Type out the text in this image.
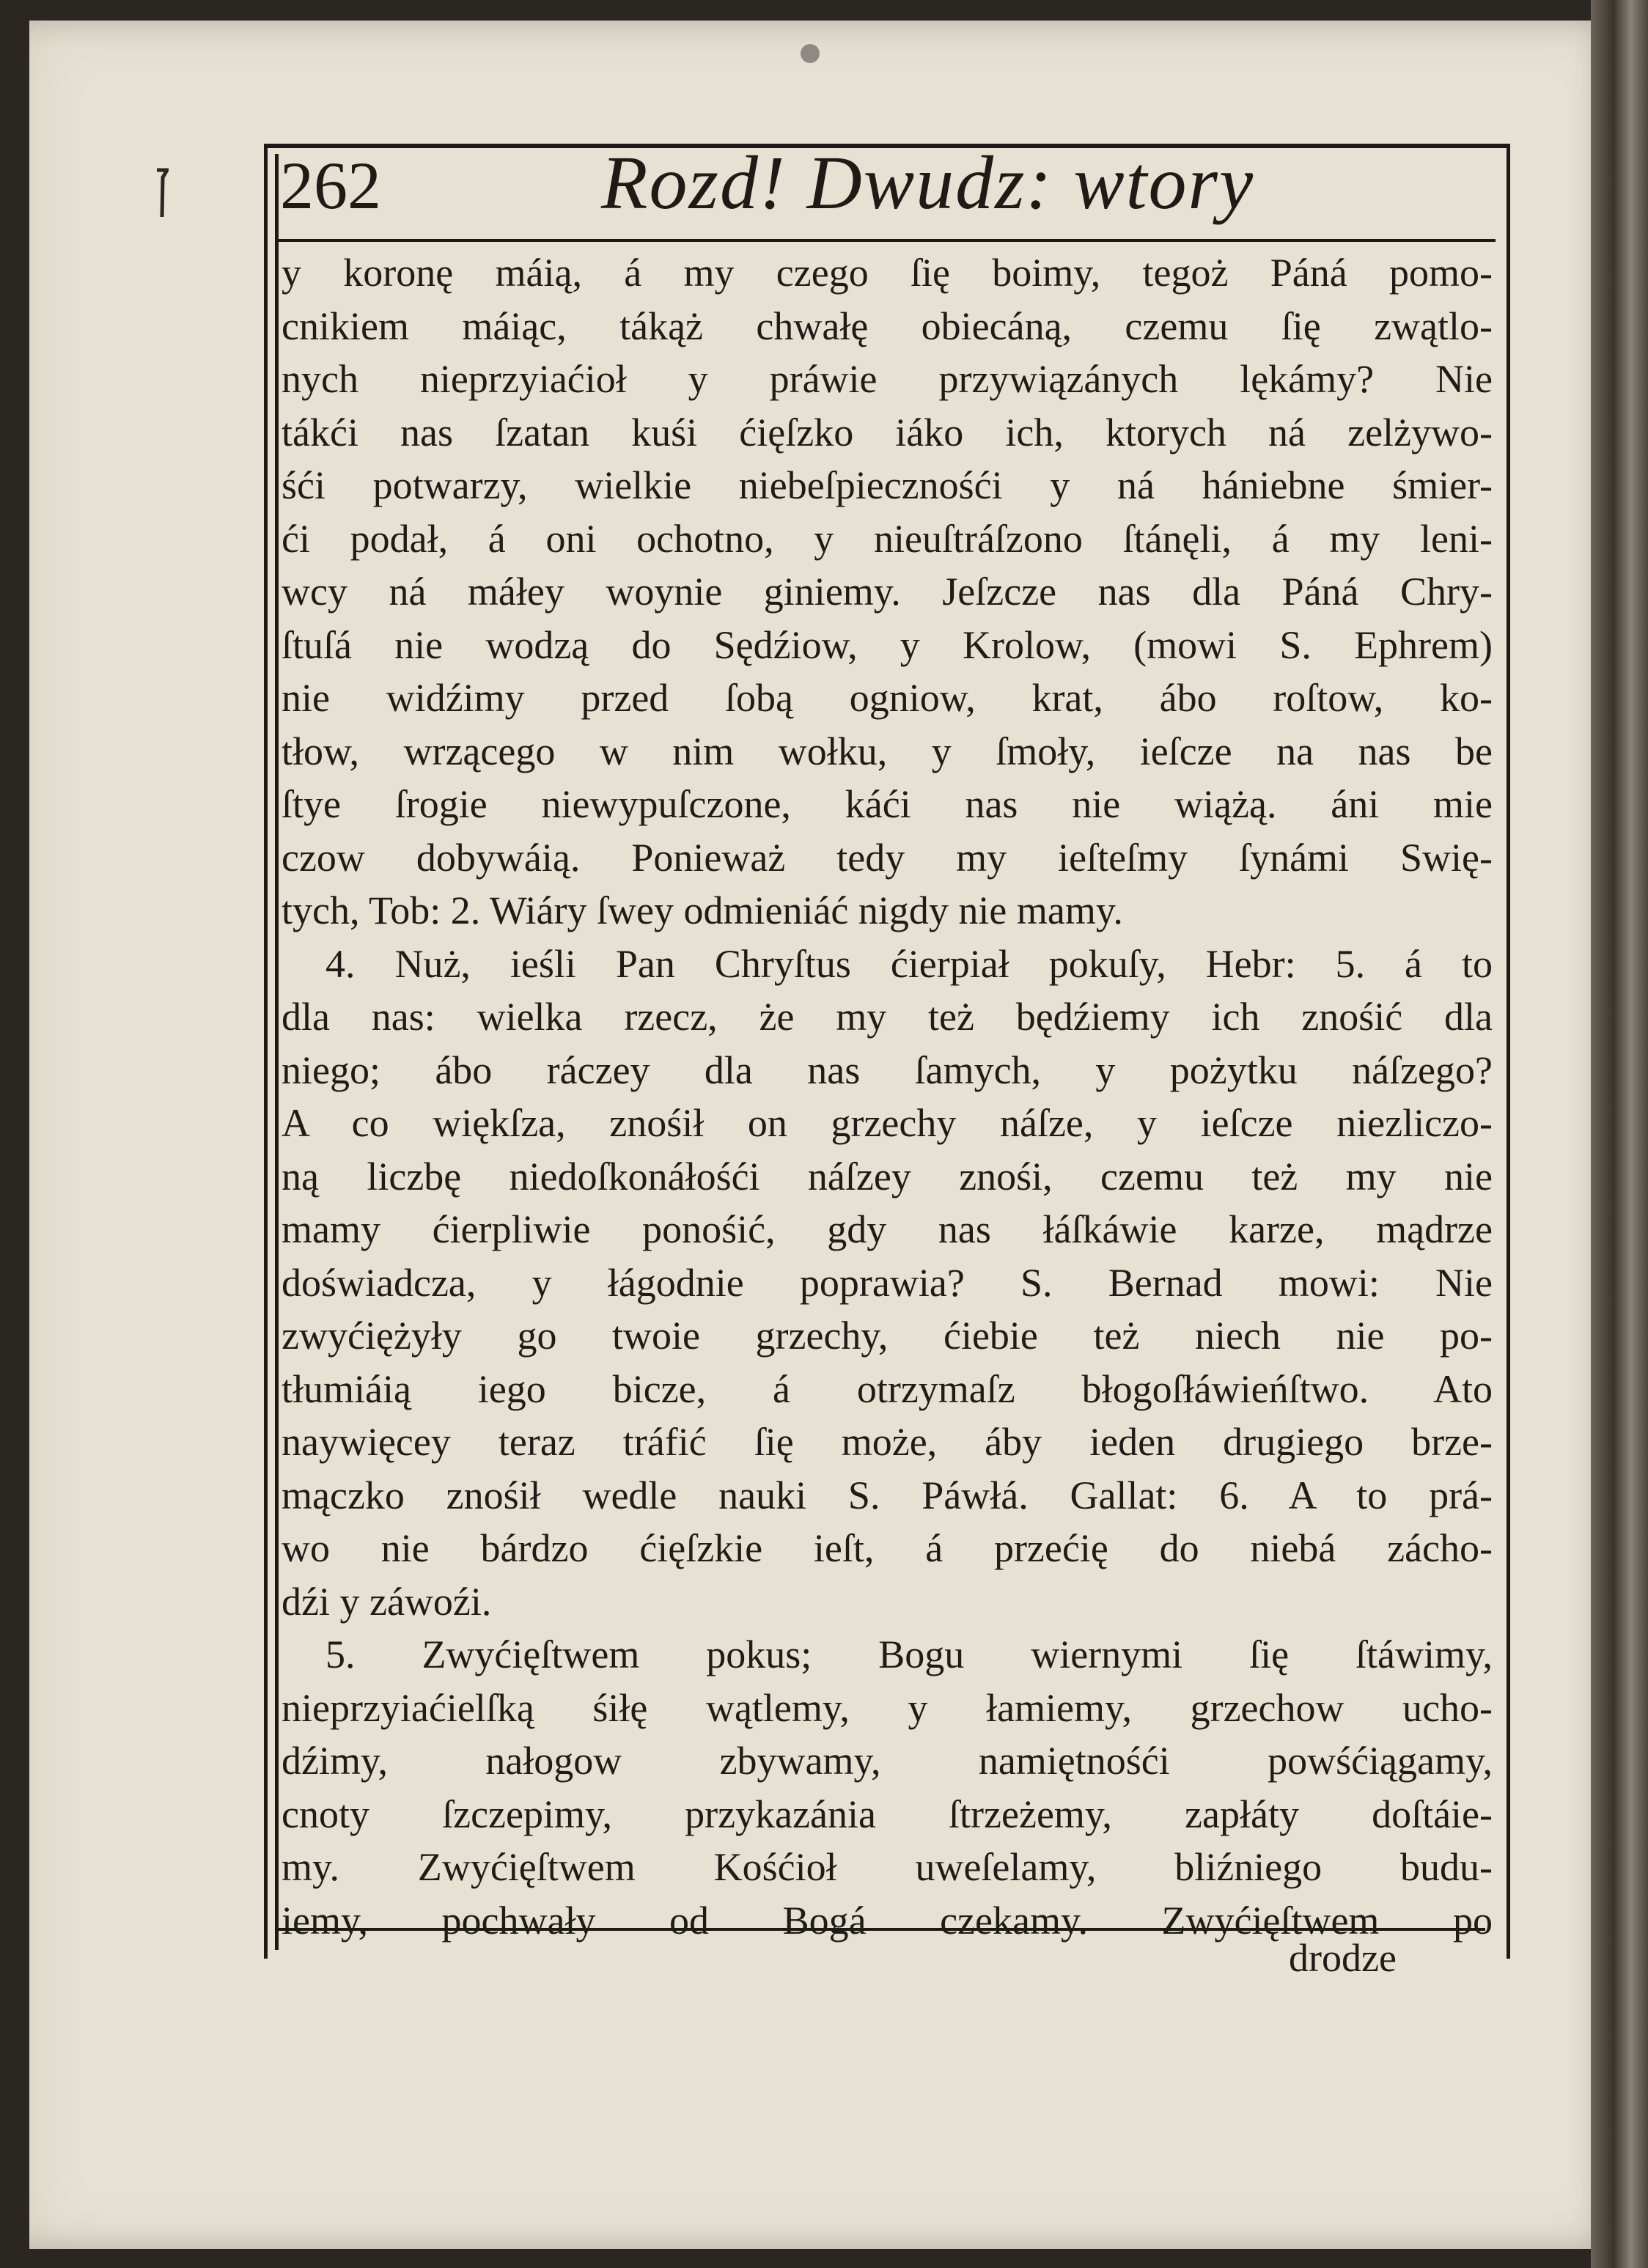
262	Rozd! Dwudz: wtory
y koronę máią, á my czego ſię boimy, tegoż Páná pomo-
cnikiem máiąc, tákąż chwałę obiecáną, czemu ſię zwątlo-
nych nieprzyiaćioł y práwie przywiązánych lękámy? Nie
tákći nas ſzatan kuśi ćięſzko iáko ich, ktorych ná zelżywo-
śći potwarzy, wielkie niebeſpiecznośći y ná hániebne śmier-
ći podał, á oni ochotno, y nieuſtráſzono ſtánęli, á my leni-
wcy ná máłey woynie giniemy. Jeſzcze nas dla Páná Chry-
ſtuſá nie wodzą do Sędźiow, y Krolow, (mowi S. Ephrem)
nie widźimy przed ſobą ogniow, krat, ábo roſtow, ko-
tłow, wrzącego w nim wołku, y ſmoły, ieſcze na nas be
ſtye ſrogie niewypuſczone, káći nas nie wiążą. áni mie
czow dobywáią. Ponieważ tedy my ieſteſmy ſynámi Swię-
tych, Tob: 2. Wiáry ſwey odmieniáć nigdy nie mamy.
4. Nuż, ieśli Pan Chryſtus ćierpiał pokuſy, Hebr: 5. á to
dla nas: wielka rzecz, że my też będźiemy ich znośić dla
niego; ábo ráczey dla nas ſamych, y pożytku náſzego?
A co więkſza, znośił on grzechy náſze, y ieſcze niezliczo-
ną liczbę niedoſkonáłośći náſzey znośi, czemu też my nie
mamy ćierpliwie ponośić, gdy nas łáſkáwie karze, mądrze
doświadcza, y łágodnie poprawia? S. Bernad mowi: Nie
zwyćiężyły go twoie grzechy, ćiebie też niech nie po-
tłumiáią iego bicze, á otrzymaſz błogoſłáwieńſtwo. Ato
naywięcey teraz tráfić ſię może, áby ieden drugiego brze-
mączko znośił wedle nauki S. Páwłá. Gallat: 6. A to prá-
wo nie bárdzo ćięſzkie ieſt, á przećię do niebá zácho-
dźi y záwoźi.
5. Zwyćięſtwem pokus; Bogu wiernymi ſię ſtáwimy,
nieprzyiaćielſką śiłę wątlemy, y łamiemy, grzechow ucho-
dźimy, nałogow zbywamy, namiętnośći powśćiągamy,
cnoty ſzczepimy, przykazánia ſtrzeżemy, zapłáty doſtáie-
my. Zwyćięſtwem Kośćioł uweſelamy, bliźniego budu-
iemy, pochwały od Bogá czekamy. Zwyćięſtwem po
drodze
